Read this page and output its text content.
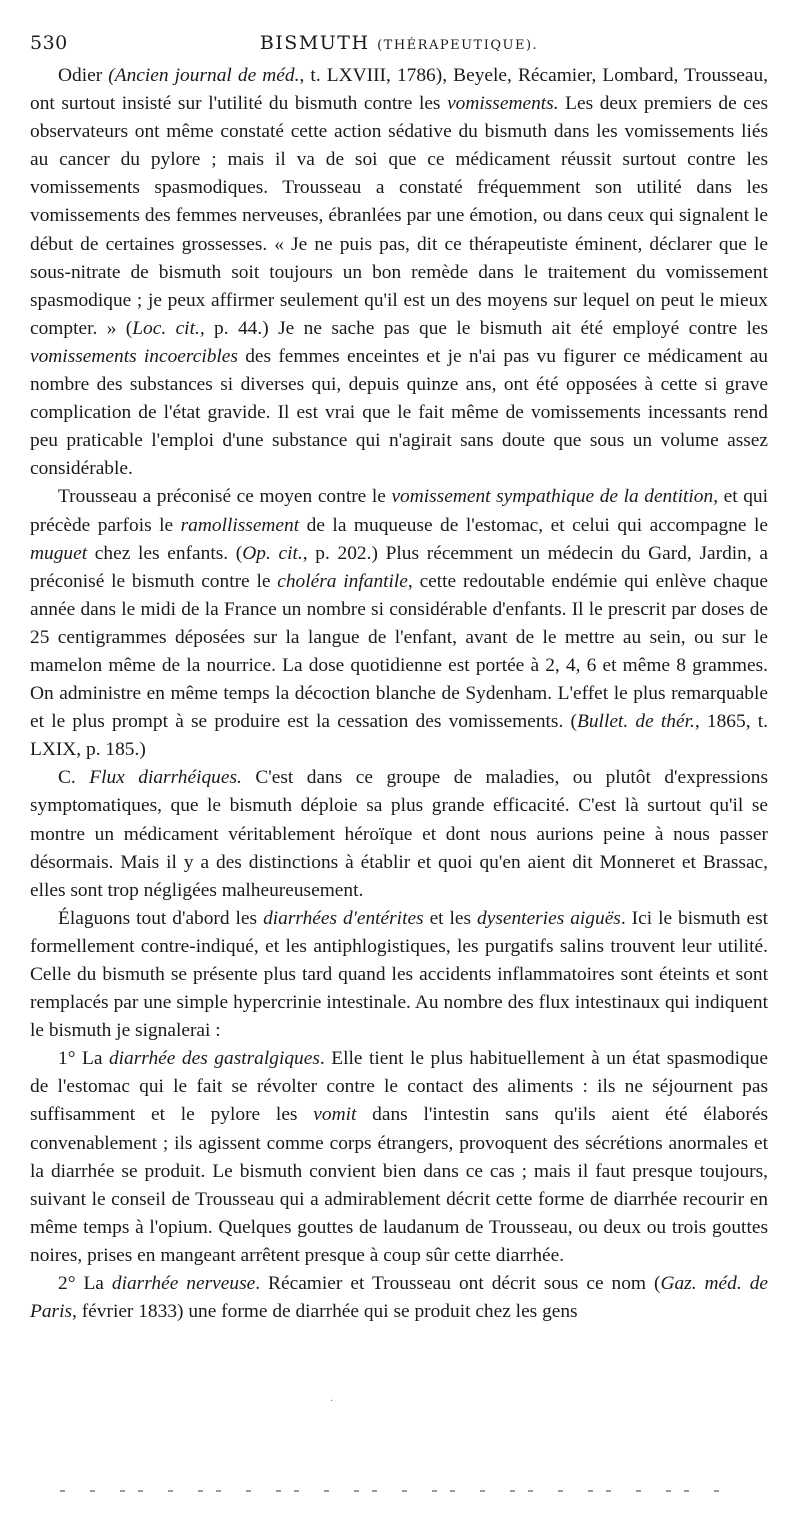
530	BISMUTH (THÉRAPEUTIQUE).

Odier (Ancien journal de méd., t. LXVIII, 1786), Beyele, Récamier, Lombard, Trousseau, ont surtout insisté sur l'utilité du bismuth contre les vomissements. Les deux premiers de ces observateurs ont même constaté cette action sédative du bismuth dans les vomissements liés au cancer du pylore ; mais il va de soi que ce médicament réussit surtout contre les vomissements spasmodiques. Trousseau a constaté fréquemment son utilité dans les vomissements des femmes nerveuses, ébranlées par une émotion, ou dans ceux qui signalent le début de certaines grossesses. « Je ne puis pas, dit ce thérapeutiste éminent, déclarer que le sous-nitrate de bismuth soit toujours un bon remède dans le traitement du vomissement spasmodique ; je peux affirmer seulement qu'il est un des moyens sur lequel on peut le mieux compter. » (Loc. cit., p. 44.) Je ne sache pas que le bismuth ait été employé contre les vomissements incoercibles des femmes enceintes et je n'ai pas vu figurer ce médicament au nombre des substances si diverses qui, depuis quinze ans, ont été opposées à cette si grave complication de l'état gravide. Il est vrai que le fait même de vomissements incessants rend peu praticable l'emploi d'une substance qui n'agirait sans doute que sous un volume assez considérable.

Trousseau a préconisé ce moyen contre le vomissement sympathique de la dentition, et qui précède parfois le ramollissement de la muqueuse de l'estomac, et celui qui accompagne le muguet chez les enfants. (Op. cit., p. 202.) Plus récemment un médecin du Gard, Jardin, a préconisé le bismuth contre le choléra infantile, cette redoutable endémie qui enlève chaque année dans le midi de la France un nombre si considérable d'enfants. Il le prescrit par doses de 25 centigrammes déposées sur la langue de l'enfant, avant de le mettre au sein, ou sur le mamelon même de la nourrice. La dose quotidienne est portée à 2, 4, 6 et même 8 grammes. On administre en même temps la décoction blanche de Sydenham. L'effet le plus remarquable et le plus prompt à se produire est la cessation des vomissements. (Bullet. de thér., 1865, t. LXIX, p. 185.)

C. Flux diarrhéiques. C'est dans ce groupe de maladies, ou plutôt d'expressions symptomatiques, que le bismuth déploie sa plus grande efficacité. C'est là surtout qu'il se montre un médicament véritablement héroïque et dont nous aurions peine à nous passer désormais. Mais il y a des distinctions à établir et quoi qu'en aient dit Monneret et Brassac, elles sont trop négligées malheureusement.

Élaguons tout d'abord les diarrhées d'entérites et les dysenteries aiguës. Ici le bismuth est formellement contre-indiqué, et les antiphlogistiques, les purgatifs salins trouvent leur utilité. Celle du bismuth se présente plus tard quand les accidents inflammatoires sont éteints et sont remplacés par une simple hypercrinie intestinale. Au nombre des flux intestinaux qui indiquent le bismuth je signalerai :

1° La diarrhée des gastralgiques. Elle tient le plus habituellement à un état spasmodique de l'estomac qui le fait se révolter contre le contact des aliments : ils ne séjournent pas suffisamment et le pylore les vomit dans l'intestin sans qu'ils aient été élaborés convenablement ; ils agissent comme corps étrangers, provoquent des sécrétions anormales et la diarrhée se produit. Le bismuth convient bien dans ce cas ; mais il faut presque toujours, suivant le conseil de Trousseau qui a admirablement décrit cette forme de diarrhée recourir en même temps à l'opium. Quelques gouttes de laudanum de Trousseau, ou deux ou trois gouttes noires, prises en mangeant arrêtent presque à coup sûr cette diarrhée.

2° La diarrhée nerveuse. Récamier et Trousseau ont décrit sous ce nom (Gaz. méd. de Paris, février 1833) une forme de diarrhée qui se produit chez les gens

·
